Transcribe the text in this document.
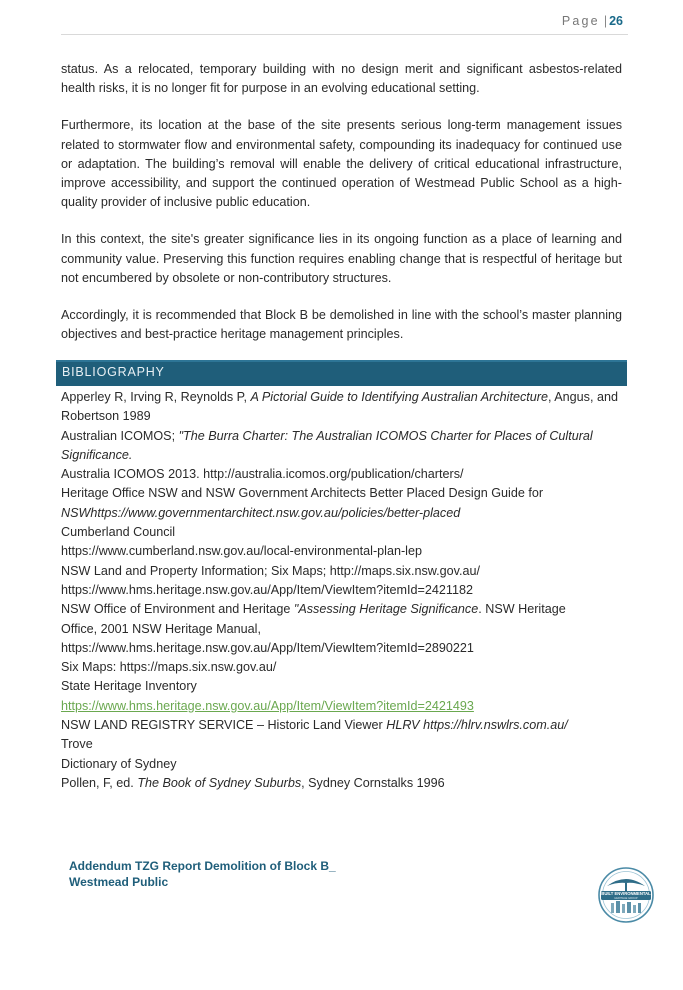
Page | 26

status. As a relocated, temporary building with no design merit and significant asbestos-related health risks, it is no longer fit for purpose in an evolving educational setting.

Furthermore, its location at the base of the site presents serious long-term management issues related to stormwater flow and environmental safety, compounding its inadequacy for continued use or adaptation. The building’s removal will enable the delivery of critical educational infrastructure, improve accessibility, and support the continued operation of Westmead Public School as a high-quality provider of inclusive public education.

In this context, the site's greater significance lies in its ongoing function as a place of learning and community value. Preserving this function requires enabling change that is respectful of heritage but not encumbered by obsolete or non-contributory structures.

Accordingly, it is recommended that Block B be demolished in line with the school’s master planning objectives and best-practice heritage management principles.

BIBLIOGRAPHY
Apperley R, Irving R, Reynolds P, A Pictorial Guide to Identifying Australian Architecture, Angus, and
Robertson 1989
Australian ICOMOS; "The Burra Charter: The Australian ICOMOS Charter for Places of Cultural
Significance.
Australia ICOMOS 2013. http://australia.icomos.org/publication/charters/
Heritage Office NSW and NSW Government Architects Better Placed Design Guide for
NSWhttps://www.governmentarchitect.nsw.gov.au/policies/better-placed
Cumberland Council
https://www.cumberland.nsw.gov.au/local-environmental-plan-lep
NSW Land and Property Information; Six Maps; http://maps.six.nsw.gov.au/
https://www.hms.heritage.nsw.gov.au/App/Item/ViewItem?itemId=2421182
NSW Office of Environment and Heritage "Assessing Heritage Significance. NSW Heritage
Office, 2001 NSW Heritage Manual,
https://www.hms.heritage.nsw.gov.au/App/Item/ViewItem?itemId=2890221
Six Maps: https://maps.six.nsw.gov.au/
State Heritage Inventory
https://www.hms.heritage.nsw.gov.au/App/Item/ViewItem?itemId=2421493
NSW LAND REGISTRY SERVICE – Historic Land Viewer HLRV https://hlrv.nswlrs.com.au/
Trove
Dictionary of Sydney
Pollen, F, ed. The Book of Sydney Suburbs, Sydney Cornstalks 1996
Addendum TZG Report Demolition of Block B_
Westmead Public
BUILT ENVIRONMENTAL
HERITAGE GROUP
